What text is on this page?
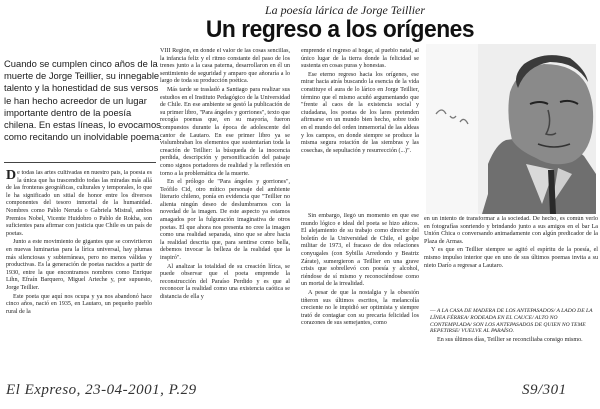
La poesía lárica de Jorge Teillier
Un regreso a los orígenes
Cuando se cumplen cinco años de la muerte de Jorge Teillier, su innegable talento y la honestidad de sus versos le han hecho acreedor de un lugar importante dentro de la poesía chilena. En estas líneas, lo evocamos como recitando un inolvidable poema.

De todas las artes cultivadas en nuestro país, la poesía es la única que ha trascendido todas las miradas más allá de las fronteras geográficas, culturales y temporales, lo que le ha significado un sitial de honor entre los diversos componentes del tesoro inmortal de la humanidad. Nombres como Pablo Neruda o Gabriela Mistral, ambos Premios Nobel, Vicente Huidobro o Pablo de Rokha, son suficientes para afirmar con justicia que Chile es un país de poetas.

Junto a este movimiento de gigantes que se convirtieron en nuevas luminarias para la lírica universal, hay plumas más silenciosas y subterráneas, pero no menos válidas y productivas. Es la generación de poetas nacidos a partir de 1930, entre la que encontramos nombres como Enrique Lihn, Efraín Barquero, Miguel Arteche y, por supuesto, Jorge Teillier.

Este poeta que aquí nos ocupa y ya nos abandonó hace cinco años, nació en 1935, en Lautaro, un pequeño pueblo rural de la

VIII Región, en donde el valor de las cosas sencillas, la infancia feliz y el ritmo constante del paso de los trenes junto a la casa paterna, desarrollaron en él un sentimiento de seguridad y amparo que añoraría a lo largo de toda su producción poética.

Más tarde se trasladó a Santiago para realizar sus estudios en el Instituto Pedagógico de la Universidad de Chile. En ese ambiente se gestó la publicación de su primer libro, "Para ángeles y gorriones", texto que recogía poemas que, en su mayoría, fueron compuestos durante la época de adolescente del cantor de Lautaro. En ese primer libro ya se vislumbraban los elementos que sustentarían toda la creación de Teillier: la búsqueda de la inocencia perdida, descripción y personificación del paisaje como signos portadores de realidad y la reflexión en torno a la problemática de la muerte.

En el prólogo de "Para ángeles y gorriones", Teófilo Cid, otro mítico personaje del ambiente literario chileno, ponía en evidencia que "Teillier no alienta ningún deseo de deslumbrarnos con la novedad de la imagen. De este aspecto ya estamos amagados por la fulguración imaginativa de otros poetas. El que ahora nos presenta no cree la imagen como una realidad separada, sino que se abre hacia la realidad descrita que, para sentirse como bella, debemos invocar la belleza de la realidad que la inspiró".

Al analizar la totalidad de su creación lírica, se puede observar que el poeta emprende la reconstrucción del Paraíso Perdido y es que al reconocer la realidad como una existencia caótica se distancia de ella y

emprende el regreso al hogar, al pueblo natal, al único lugar de la tierra donde la felicidad se sustenta en cosas puras y honestas.

Ese eterno regreso hacia los orígenes, ese mirar hacia atrás buscando la esencia de la vida constituye el aura de lo lárico en Jorge Teillier, término que el mismo acuñó argumentando que "frente al caos de la existencia social y ciudadana, los poetas de los lares pretenden afirmarse en un mundo bien hecho, sobre todo en el mundo del orden inmemorial de las aldeas y los campos, en donde siempre se produce la misma segura rotación de las siembras y las cosechas, de sepultación y resurrección (...)".

Sin embargo, llegó un momento en que ese mundo lógico e ideal del poeta se hizo añicos. El alejamiento de su trabajo como director del boletín de la Universidad de Chile, el golpe militar de 1973, el fracaso de dos relaciones conyugales (con Sybilla Arredondo y Beatriz Zárate), sumergieron a Teillier en una grave crisis que sobrellevó con poesía y alcohol, riéndose de sí mismo y reconociéndose como un mortal de la irrealidad.

A pesar de que la nostalgia y la obsesión tiñeron sus últimos escritos, la melancolía creciente no le impidió ser optimista y siempre trató de contagiar con su precaria felicidad los corazones de sus semejantes, como

en un intento de transformar a la sociedad. De hecho, es común verlo en fotografías sonriendo y brindando junto a sus amigos en el bar La Unión Chica o conversando animadamente con algún predicador de la Plaza de Armas.

Y es que en Teillier siempre se agitó el espíritu de la poesía, el mismo impulso interior que en uno de sus últimos poemas invita a su nieto Darío a regresar a Lautaro.

— A LA CASA DE MADERA DE LOS ANTEPASADOS/ A LADO DE LA LÍNEA FÉRREA/ RODEADA EN EL CAUCE/ ALTO NO CONTEMPLADA/ SON LOS ANTEPASADOS DE QUIEN NO TEME REPETIRSE/ VUELVE AL PARAÍSO.
En sus últimos días, Teillier se reconciliaba consigo mismo.
El Expreso, 23-04-2001, P.29	S9/301
